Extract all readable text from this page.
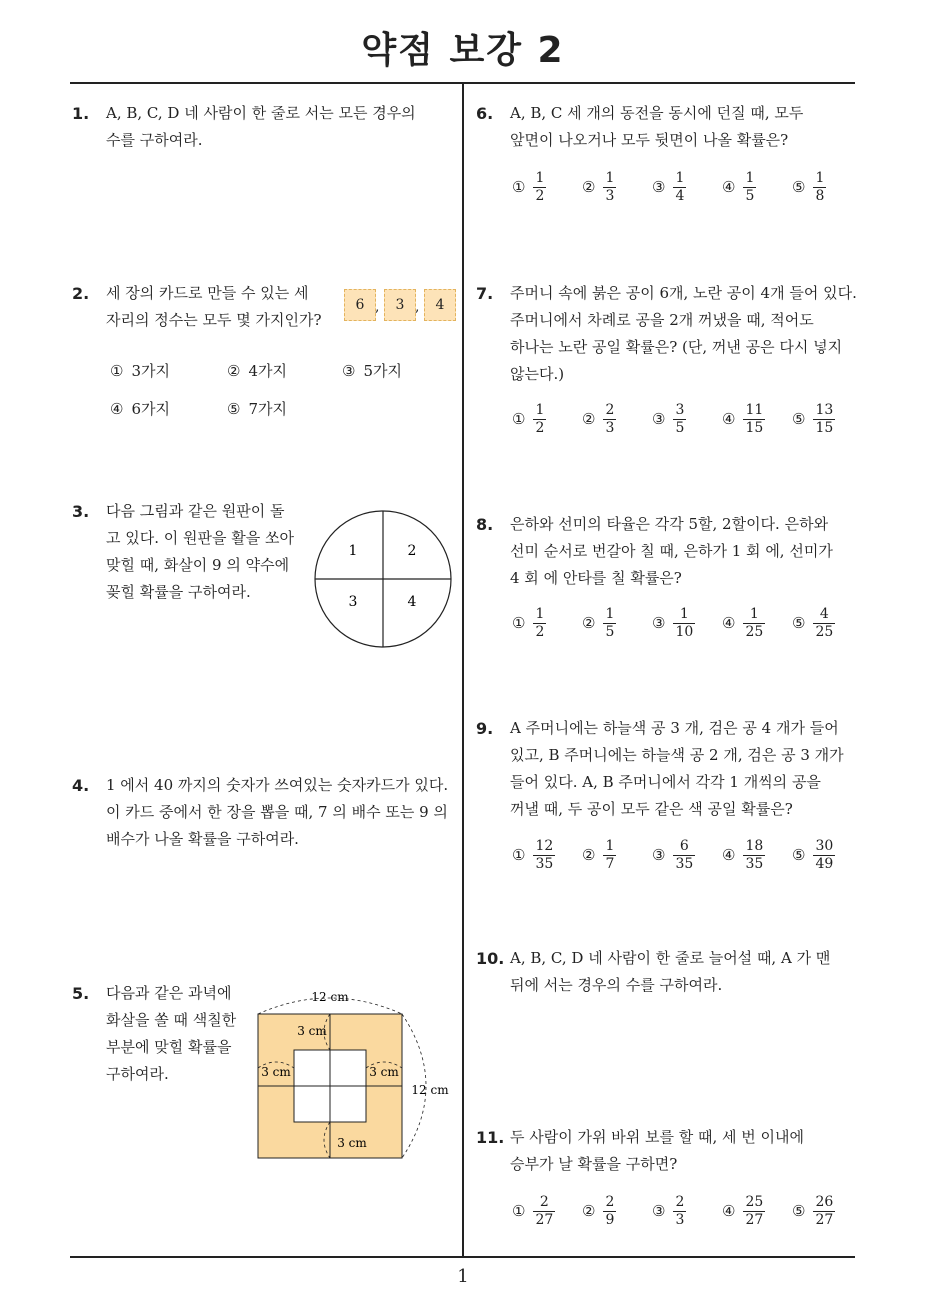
약점 보강 2
1
1. A, B, C, D 네 사람이 한 줄로 서는 모든 경우의
수를 구하여라.
2. 세 장의 카드로 만들 수 있는 세
자리의 정수는 모두 몇 가지인가?
6 ,	3 ,	4
① 3가지	② 4가지	③ 5가지
④ 6가지	⑤ 7가지
3. 다음 그림과 같은 원판이 돌
고 있다. 이 원판을 활을 쏘아
맞힐 때, 화살이 9 의 약수에
꽂힐 확률을 구하여라.
1	2
3	4
4. 1 에서 40 까지의 숫자가 쓰여있는 숫자카드가 있다.
이 카드 중에서 한 장을 뽑을 때, 7 의 배수 또는 9 의
배수가 나올 확률을 구하여라.
5. 다음과 같은 과녁에
화살을 쏠 때 색칠한
부분에 맞힐 확률을
구하여라.
12 cm
12 cm
3 cm
3 cm	3 cm
3 cm
6. A, B, C 세 개의 동전을 동시에 던질 때, 모두
앞면이 나오거나 모두 뒷면이 나올 확률은?
① $\frac{1}{2}$ ② $\frac{1}{3}$ ③ $\frac{1}{4}$ ④ $\frac{1}{5}$ ⑤ $\frac{1}{8}$
7. 주머니 속에 붉은 공이 6개, 노란 공이 4개 들어 있다.
주머니에서 차례로 공을 2개 꺼냈을 때, 적어도
하나는 노란 공일 확률은? (단, 꺼낸 공은 다시 넣지
않는다.)
① $\frac{1}{2}$ ② $\frac{2}{3}$ ③ $\frac{3}{5}$ ④ $\frac{11}{15}$ ⑤ $\frac{13}{15}$
8. 은하와 선미의 타율은 각각 5할, 2할이다. 은하와
선미 순서로 번갈아 칠 때, 은하가 1 회 에, 선미가
4 회 에 안타를 칠 확률은?
① $\frac{1}{2}$ ② $\frac{1}{5}$ ③ $\frac{1}{10}$ ④ $\frac{1}{25}$ ⑤ $\frac{4}{25}$
9. A 주머니에는 하늘색 공 3 개, 검은 공 4 개가 들어
있고, B 주머니에는 하늘색 공 2 개, 검은 공 3 개가
들어 있다. A, B 주머니에서 각각 1 개씩의 공을
꺼낼 때, 두 공이 모두 같은 색 공일 확률은?
① $\frac{12}{35}$ ② $\frac{1}{7}$ ③ $\frac{6}{35}$ ④ $\frac{18}{35}$ ⑤ $\frac{30}{49}$
10. A, B, C, D 네 사람이 한 줄로 늘어설 때, A 가 맨
뒤에 서는 경우의 수를 구하여라.
11. 두 사람이 가위 바위 보를 할 때, 세 번 이내에
승부가 날 확률을 구하면?
① $\frac{2}{27}$ ② $\frac{2}{9}$ ③ $\frac{2}{3}$ ④ $\frac{25}{27}$ ⑤ $\frac{26}{27}$
